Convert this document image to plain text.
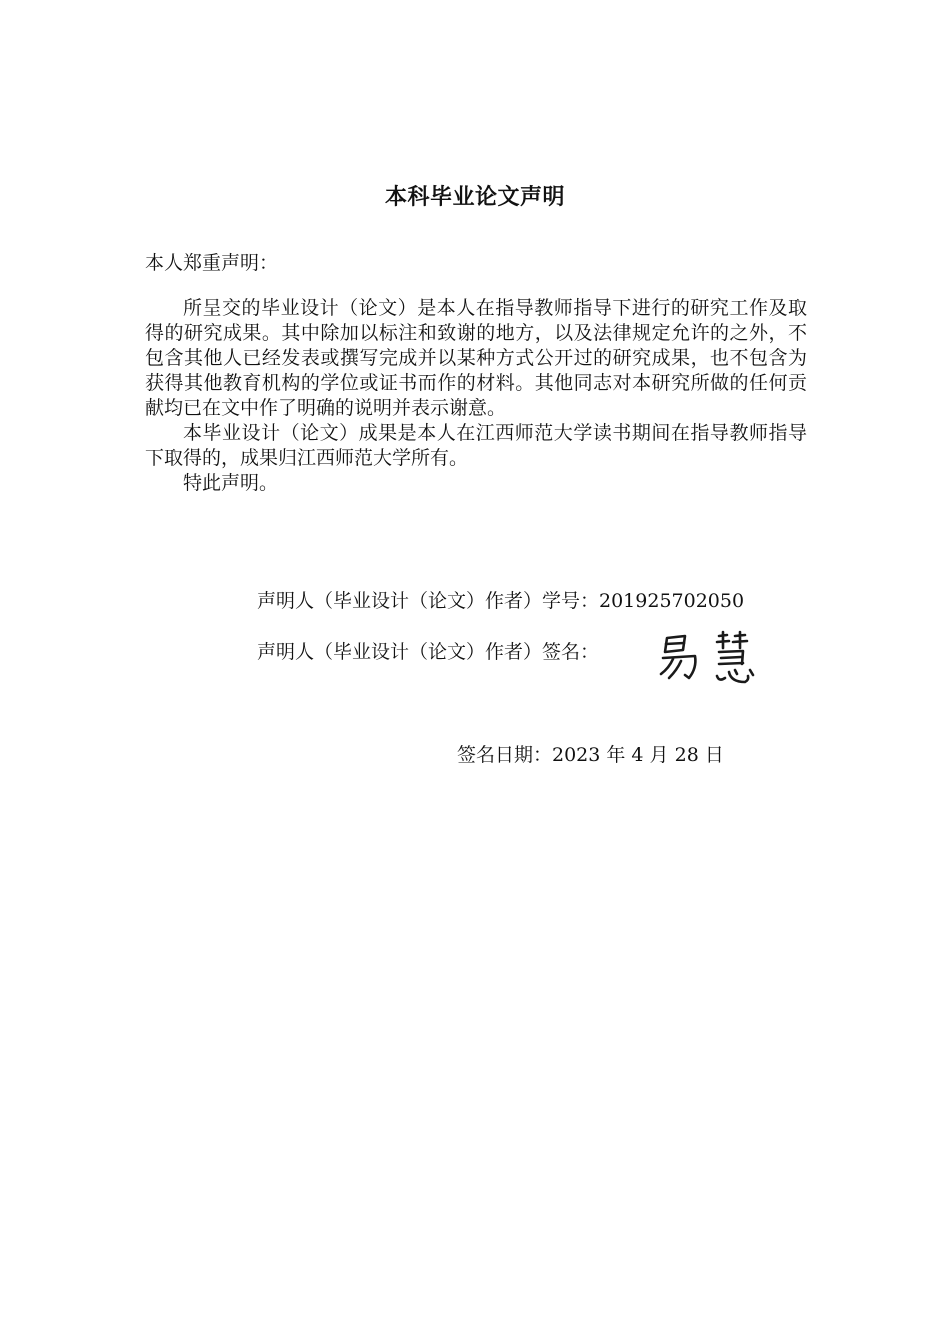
本科毕业论文声明
本人郑重声明：

所呈交的毕业设计（论文）是本人在指导教师指导下进行的研究工作及取得的研究成果。其中除加以标注和致谢的地方，以及法律规定允许的之外，不包含其他人已经发表或撰写完成并以某种方式公开过的研究成果，也不包含为获得其他教育机构的学位或证书而作的材料。其他同志对本研究所做的任何贡献均已在文中作了明确的说明并表示谢意。

本毕业设计（论文）成果是本人在江西师范大学读书期间在指导教师指导下取得的，成果归江西师范大学所有。

特此声明。

声明人（毕业设计（论文）作者）学号：201925702050
声明人（毕业设计（论文）作者）签名：
签名日期：2023 年 4 月 28 日
